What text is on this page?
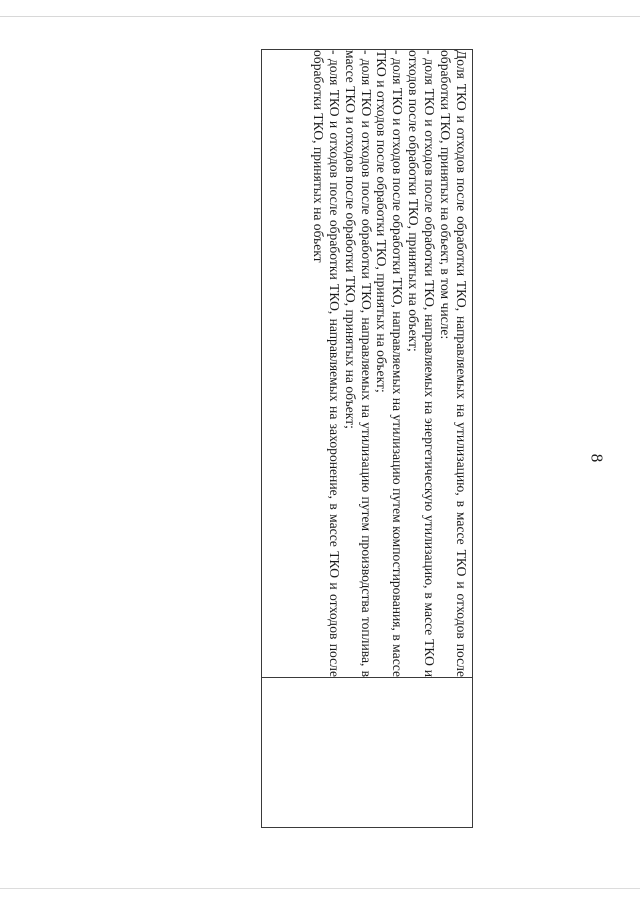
8
Доля ТКО и отходов после обработки ТКО, направляемых на утилизацию, в массе ТКО и отходов после обработки ТКО, принятых на объект, в том числе:
- доля ТКО и отходов после обработки ТКО, направляемых на энергетическую утилизацию, в массе ТКО и отходов после обработки ТКО, принятых на объект;
- доля ТКО и отходов после обработки ТКО, направляемых на утилизацию путем компостирования, в массе ТКО и отходов после обработки ТКО, принятых на объект;
- доля ТКО и отходов после обработки ТКО, направляемых на утилизацию путем производства топлива, в массе ТКО и отходов после обработки ТКО, принятых на объект;
- доля ТКО и отходов после обработки ТКО, направляемых на захоронение, в массе ТКО и отходов после обработки ТКО, принятых на объект
